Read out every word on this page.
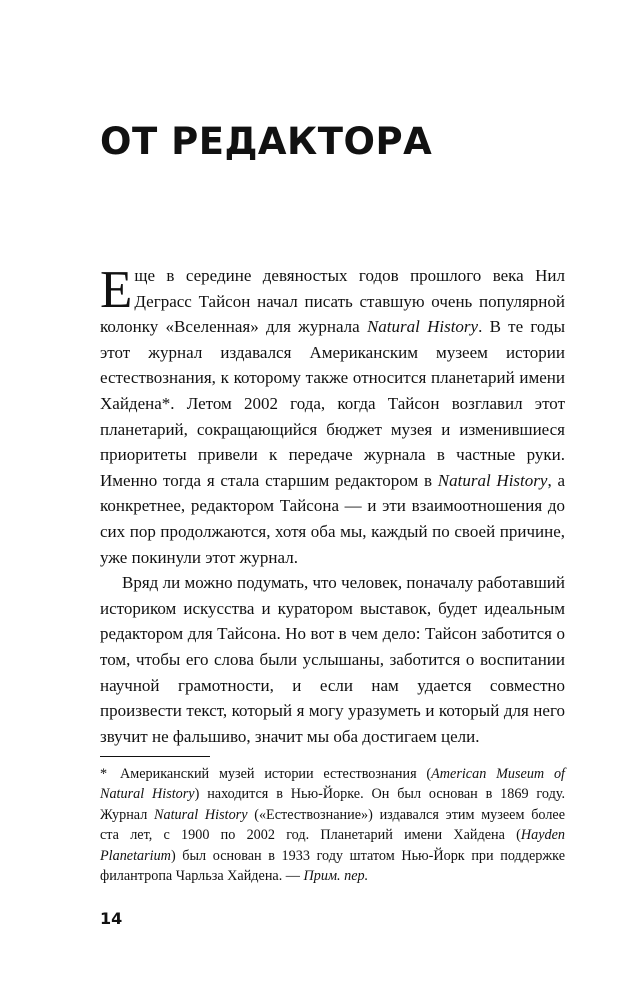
ОТ РЕДАКТОРА

Еще в середине девяностых годов прошлого века Нил Деграсс Тайсон начал писать ставшую очень популярной колонку «Вселенная» для журнала Natural History. В те годы этот журнал издавался Американским музеем истории естествознания, к которому также относится планетарий имени Хайдена*. Летом 2002 года, когда Тайсон возглавил этот планетарий, сокращающийся бюджет музея и изменившиеся приоритеты привели к передаче журнала в частные руки. Именно тогда я стала старшим редактором в Natural History, а конкретнее, редактором Тайсона — и эти взаимоотношения до сих пор продолжаются, хотя оба мы, каждый по своей причине, уже покинули этот журнал.

Вряд ли можно подумать, что человек, поначалу работавший историком искусства и куратором выставок, будет идеальным редактором для Тайсона. Но вот в чем дело: Тайсон заботится о том, чтобы его слова были услышаны, заботится о воспитании научной грамотности, и если нам удается совместно произвести текст, который я могу уразуметь и который для него звучит не фальшиво, значит мы оба достигаем цели.

* Американский музей истории естествознания (American Museum of Natural History) находится в Нью-Йорке. Он был основан в 1869 году. Журнал Natural History («Естествознание») издавался этим музеем более ста лет, с 1900 по 2002 год. Планетарий имени Хайдена (Hayden Planetarium) был основан в 1933 году штатом Нью-Йорк при поддержке филантропа Чарльза Хайдена. — Прим. пер.
14
